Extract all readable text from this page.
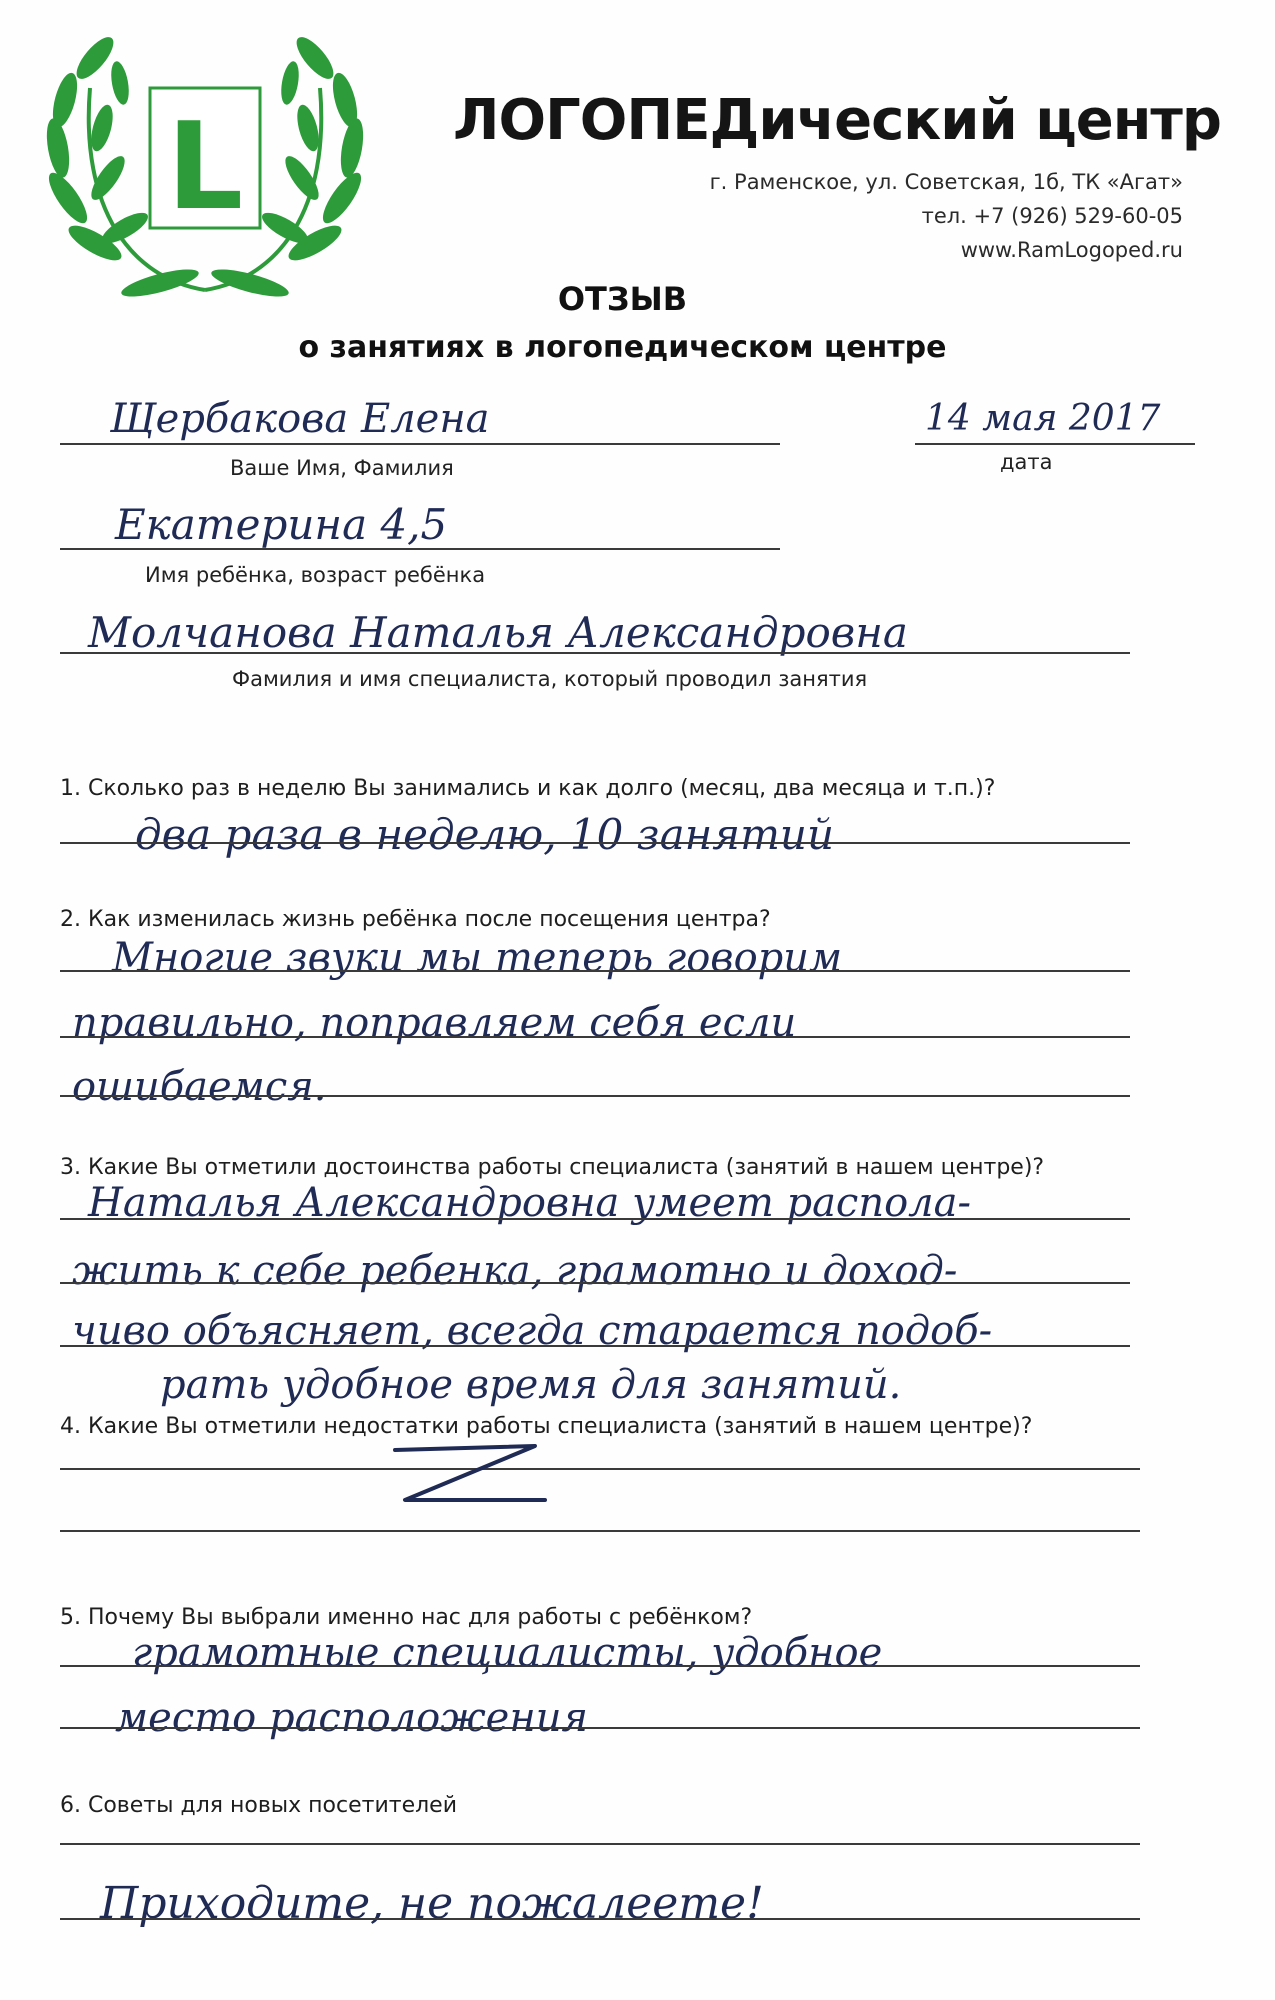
L	ЛОГОПЕДический центр
г. Раменское, ул. Советская, 1б, ТК «Агат»
тел. +7 (926) 529-60-05
www.RamLogoped.ru
ОТЗЫВ
о занятиях в логопедическом центре
Щербакова Елена
Ваше Имя, Фамилия
14 мая 2017
дата
Екатерина 4,5
Имя ребёнка, возраст ребёнка
Молчанова Наталья Александровна
Фамилия и имя специалиста, который проводил занятия
1. Сколько раз в неделю Вы занимались и как долго (месяц, два месяца и т.п.)?
два раза в неделю, 10 занятий
2. Как изменилась жизнь ребёнка после посещения центра?
Многие звуки мы теперь говорим
правильно, поправляем себя если
ошибаемся.
3. Какие Вы отметили достоинства работы специалиста (занятий в нашем центре)?
Наталья Александровна умеет распола-
жить к себе ребенка, грамотно и доход-
чиво объясняет, всегда старается подоб-
рать удобное время для занятий.
4. Какие Вы отметили недостатки работы специалиста (занятий в нашем центре)?
5. Почему Вы выбрали именно нас для работы с ребёнком?
грамотные специалисты, удобное
место расположения
6. Советы для новых посетителей
Приходите, не пожалеете!
